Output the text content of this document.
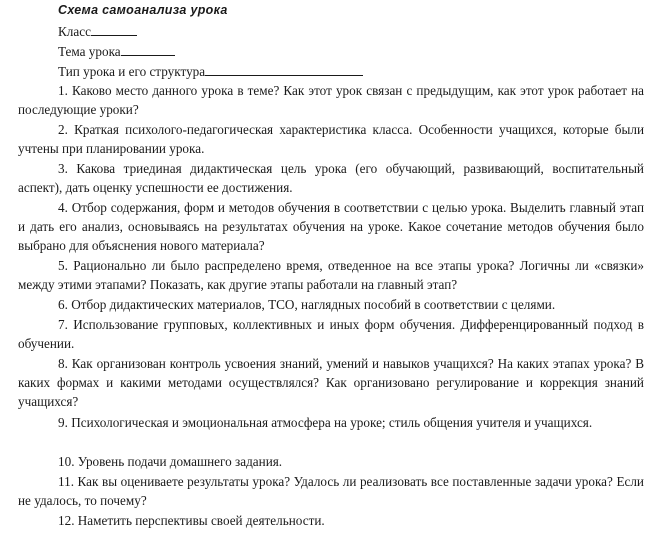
Схема самоанализа урока
Класс
Тема урока
Тип урока и его структура

1. Каково место данного урока в теме? Как этот урок связан с предыдущим, как этот урок работает на последующие уроки?

2. Краткая психолого-педагогическая характеристика класса. Особенности учащихся, которые были учтены при планировании урока.

3. Какова триединая дидактическая цель урока (его обучающий, развивающий, воспитательный аспект), дать оценку успешности ее достижения.

4. Отбор содержания, форм и методов обучения в соответствии с целью урока. Выделить главный этап и дать его анализ, основываясь на результатах обучения на уроке. Какое сочетание методов обучения было выбрано для объяснения нового материала?

5. Рационально ли было распределено время, отведенное на все этапы урока? Логичны ли «связки» между этими этапами? Показать, как другие этапы работали на главный этап?

6. Отбор дидактических материалов, ТСО, наглядных пособий в соответствии с целями.

7. Использование групповых, коллективных и иных форм обучения. Дифференцированный подход в обучении.

8. Как организован контроль усвоения знаний, умений и навыков учащихся? На каких этапах урока? В каких формах и какими методами осуществлялся? Как организовано регулирование и коррекция знаний учащихся?

9. Психологическая и эмоциональная атмосфера на уроке; стиль общения учителя и учащихся.

10. Уровень подачи домашнего задания.

11. Как вы оцениваете результаты урока? Удалось ли реализовать все поставленные задачи урока? Если не удалось, то почему?

12. Наметить перспективы своей деятельности.
